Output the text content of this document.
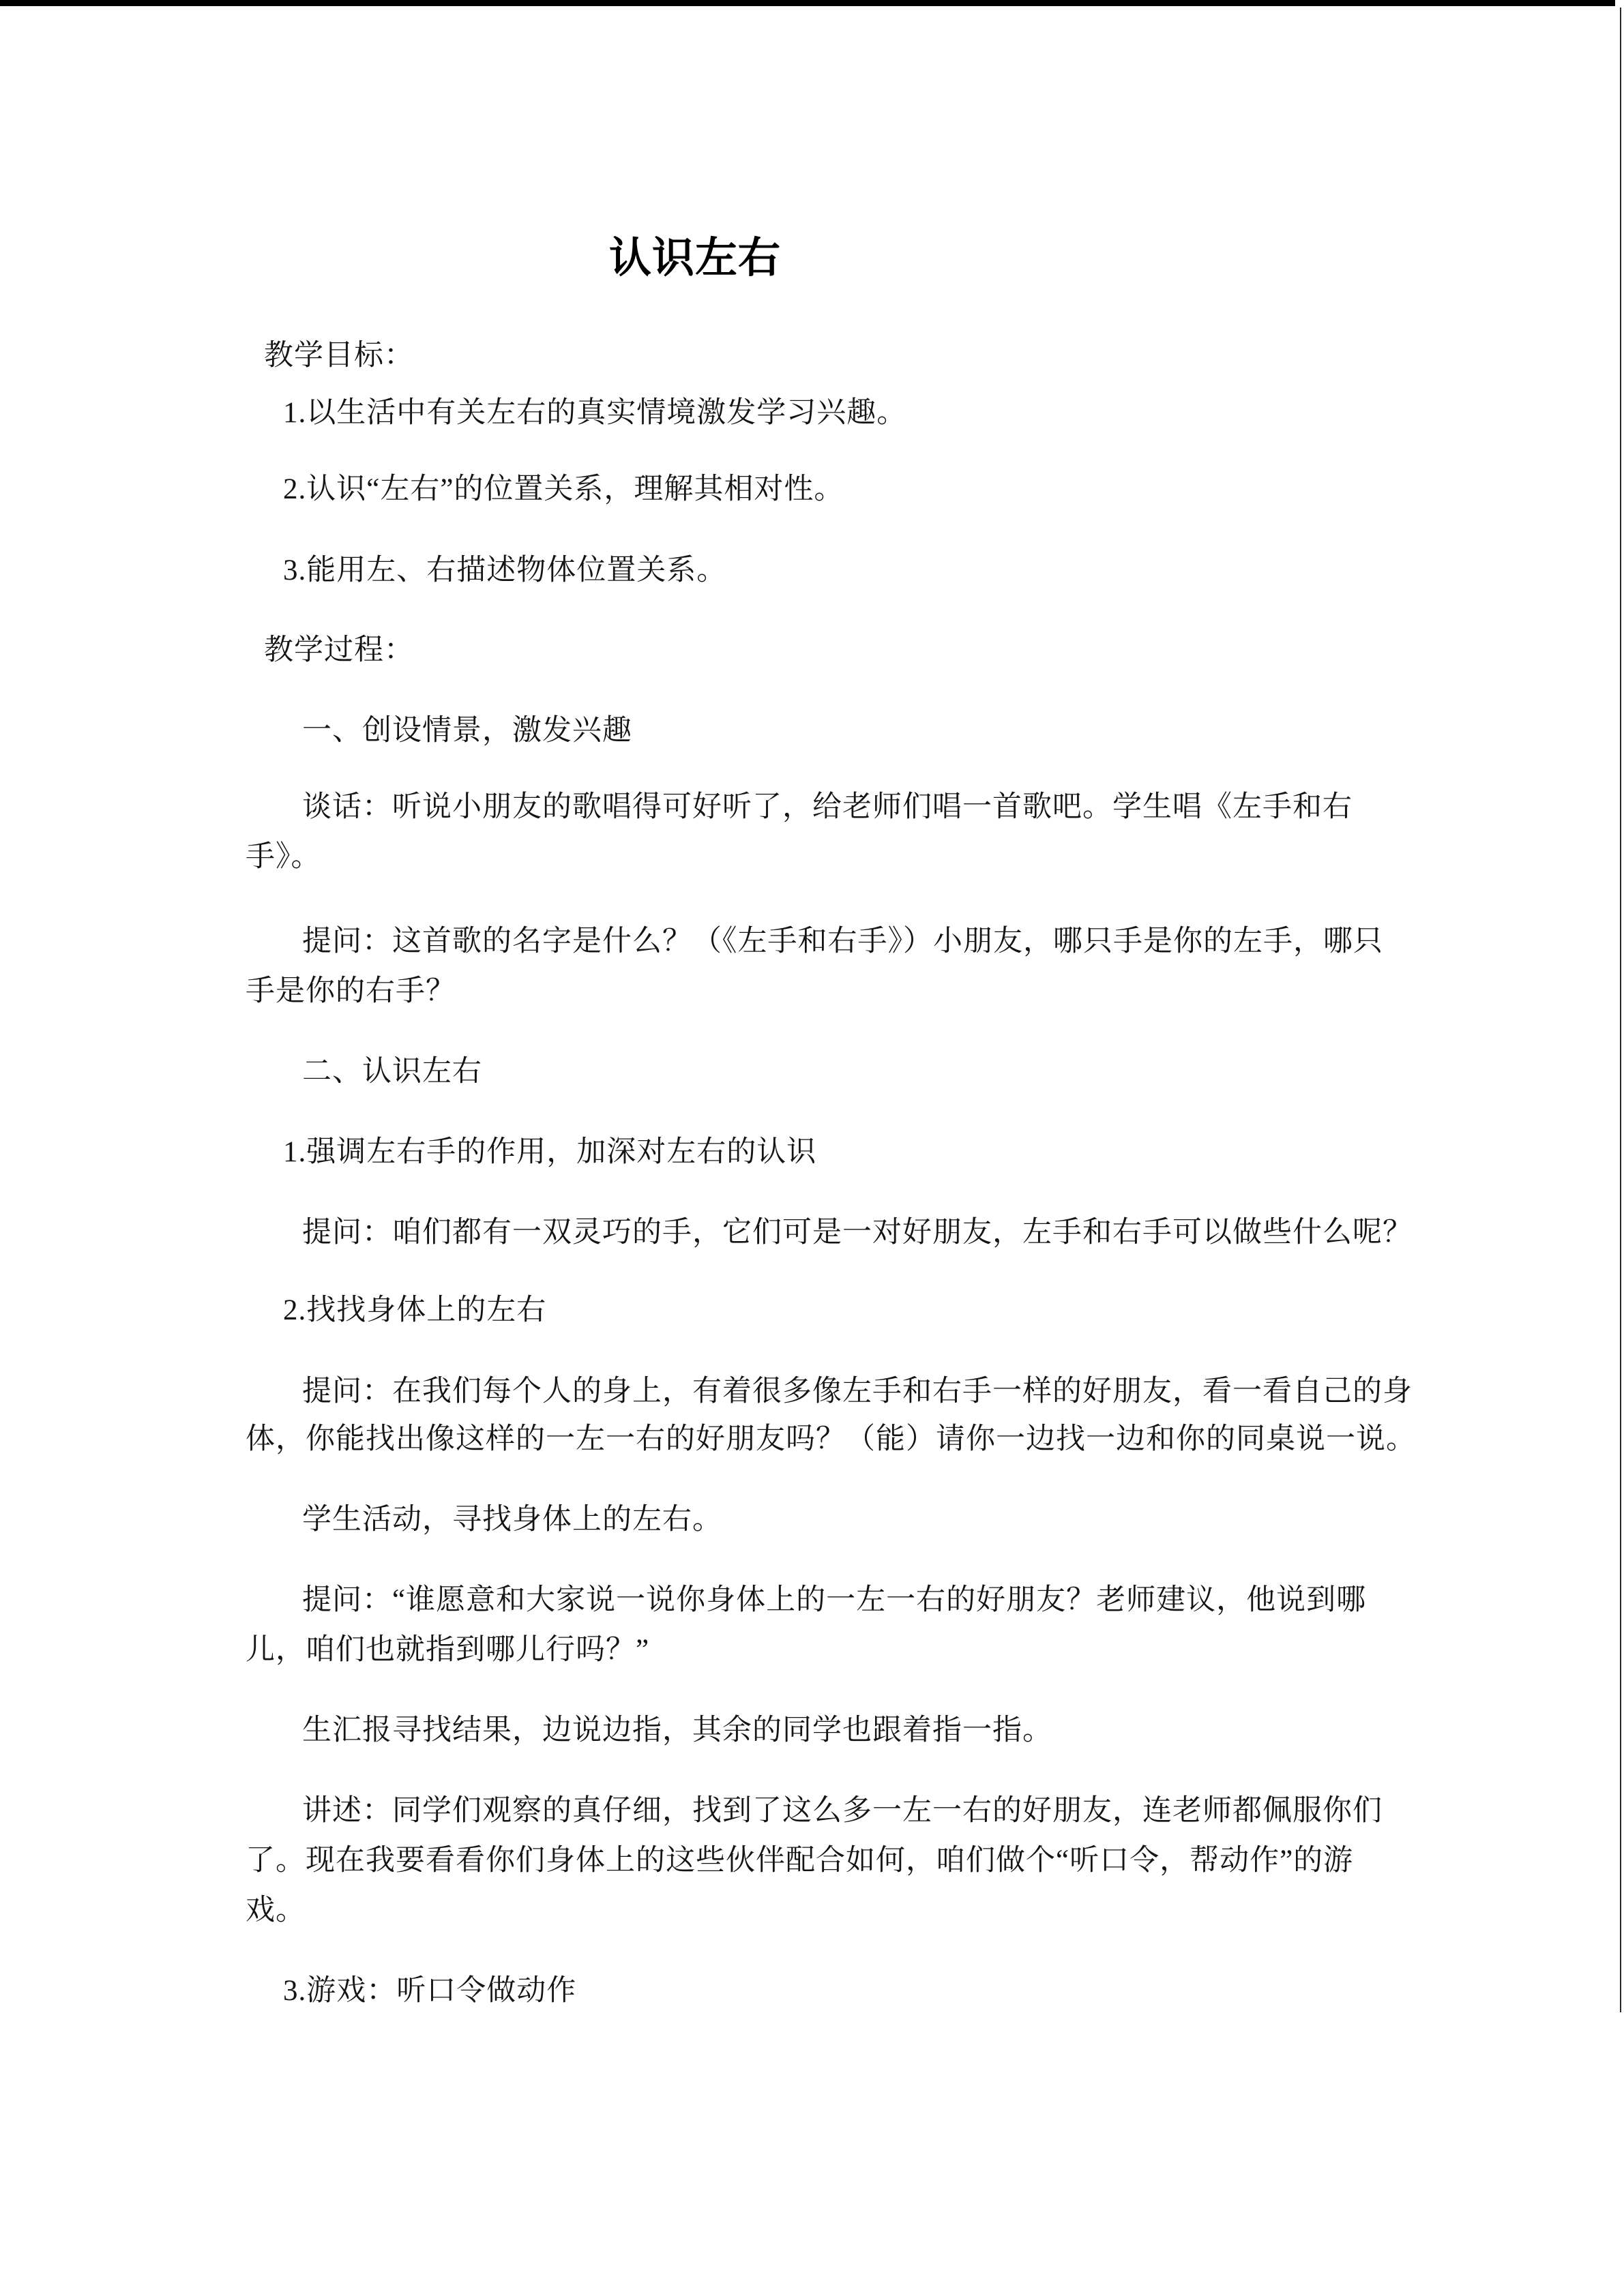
认识左右
教学目标：
1.以生活中有关左右的真实情境激发学习兴趣。
2.认识“左右”的位置关系，理解其相对性。
3.能用左、右描述物体位置关系。
教学过程：
一、创设情景，激发兴趣
谈话：听说小朋友的歌唱得可好听了，给老师们唱一首歌吧。学生唱《左手和右
手》。
提问：这首歌的名字是什么？（《左手和右手》）小朋友，哪只手是你的左手，哪只
手是你的右手？
二、认识左右
1.强调左右手的作用，加深对左右的认识
提问：咱们都有一双灵巧的手，它们可是一对好朋友，左手和右手可以做些什么呢？
2.找找身体上的左右
提问：在我们每个人的身上，有着很多像左手和右手一样的好朋友，看一看自己的身
体，你能找出像这样的一左一右的好朋友吗？（能）请你一边找一边和你的同桌说一说。
学生活动，寻找身体上的左右。
提问：“谁愿意和大家说一说你身体上的一左一右的好朋友？老师建议，他说到哪
儿，咱们也就指到哪儿行吗？”
生汇报寻找结果，边说边指，其余的同学也跟着指一指。
讲述：同学们观察的真仔细，找到了这么多一左一右的好朋友，连老师都佩服你们
了。现在我要看看你们身体上的这些伙伴配合如何，咱们做个“听口令，帮动作”的游
戏。
3.游戏：听口令做动作
